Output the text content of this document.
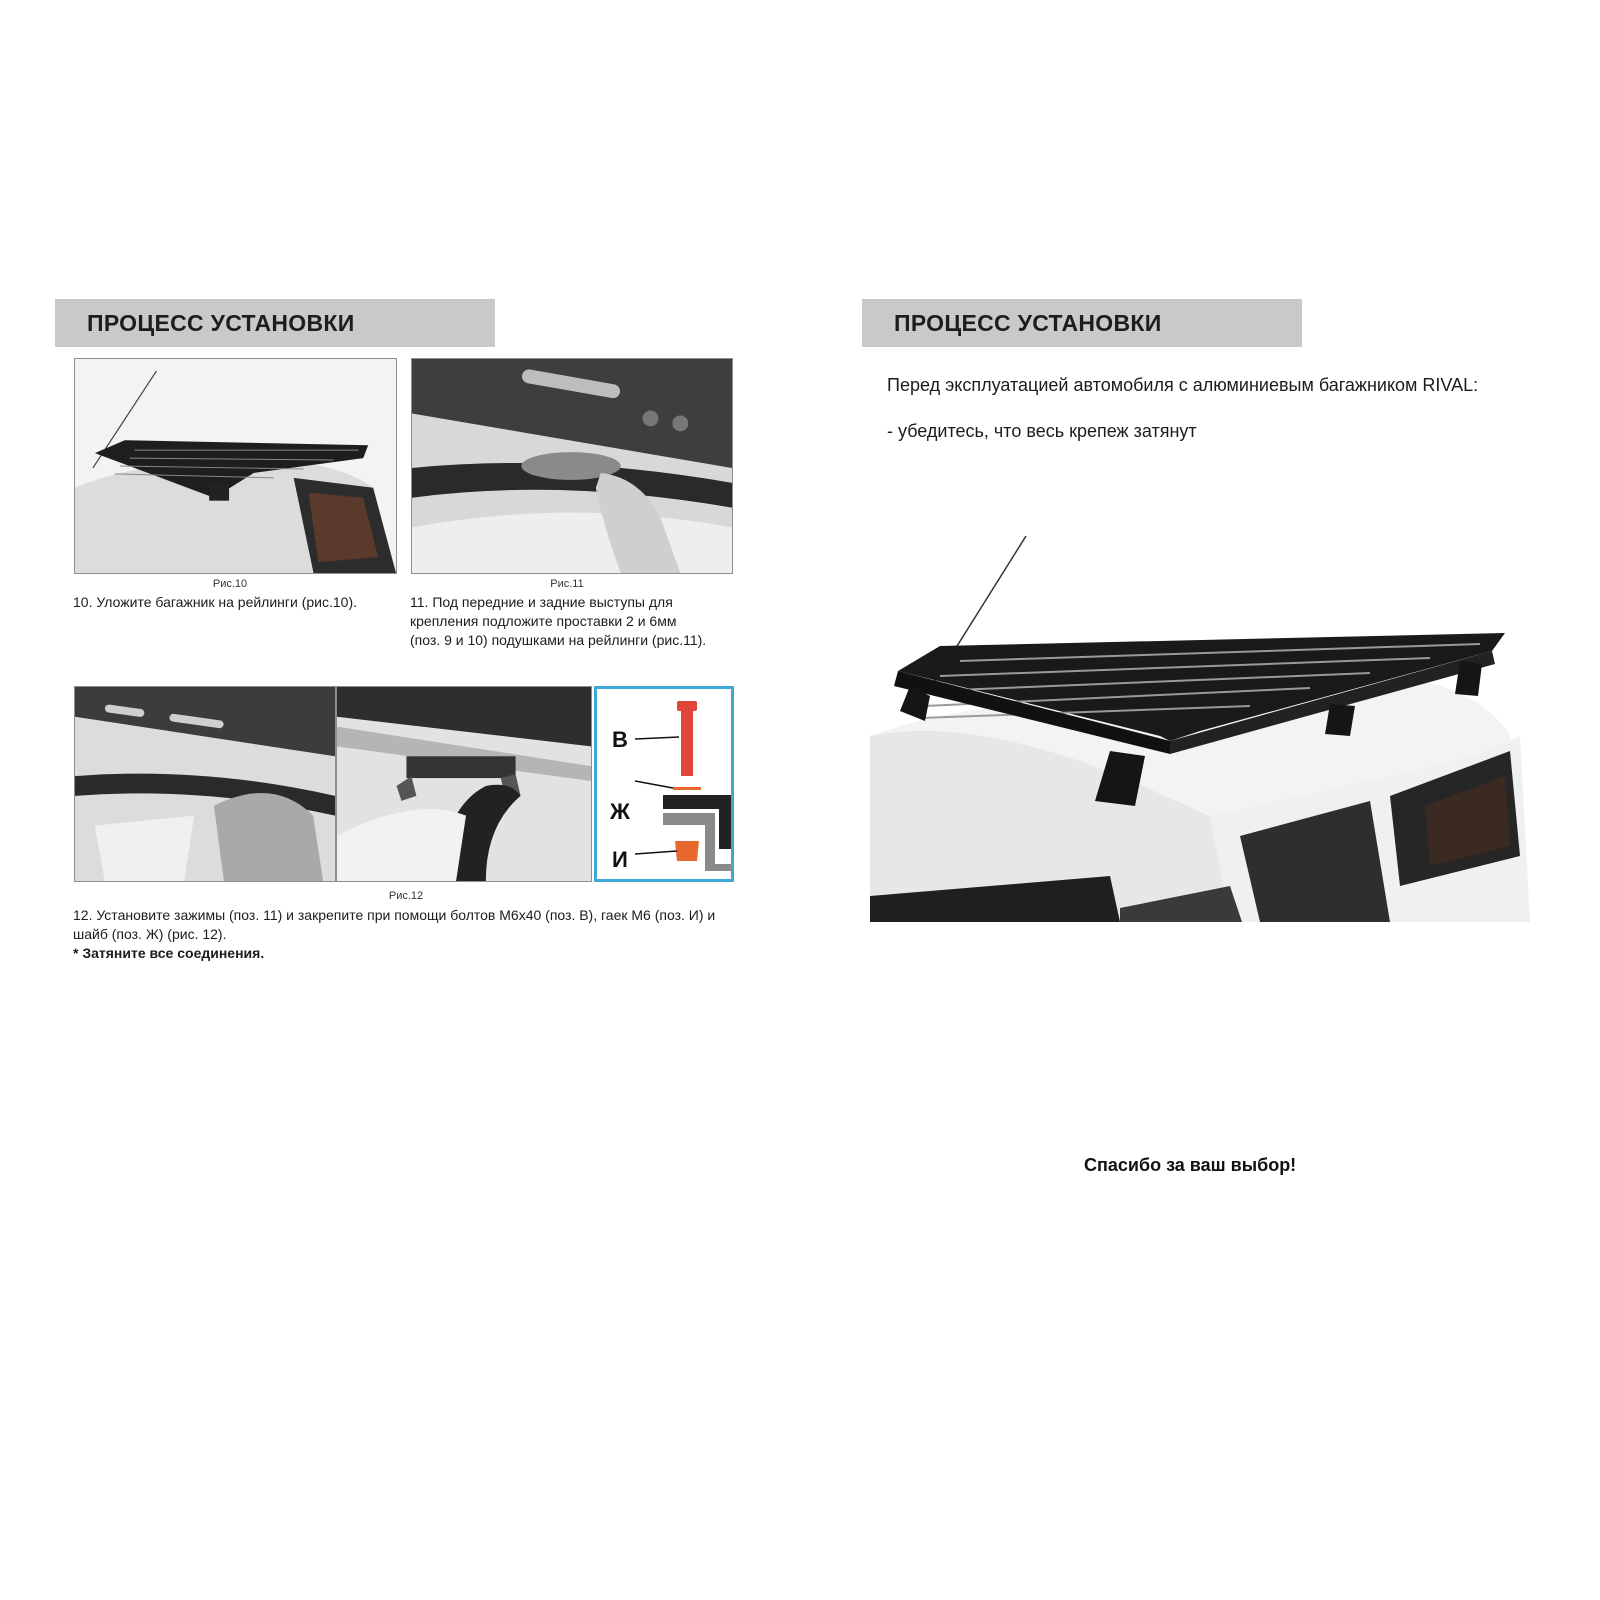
ПРОЦЕСС УСТАНОВКИ
Рис.10
10. Уложите багажник на рейлинги (рис.10).
Рис.11
11. Под передние и задние выступы для крепления подложите проставки 2 и 6мм (поз. 9 и 10) подушками на рейлинги (рис.11).
В
Ж
И
Рис.12
12. Установите зажимы (поз. 11) и закрепите при помощи болтов М6х40 (поз. В), гаек М6 (поз. И) и шайб (поз. Ж) (рис. 12).
* Затяните все соединения.
ПРОЦЕСС УСТАНОВКИ
Перед эксплуатацией автомобиля с алюминиевым багажником RIVAL:
- убедитесь, что весь крепеж затянут
Спасибо за ваш выбор!
